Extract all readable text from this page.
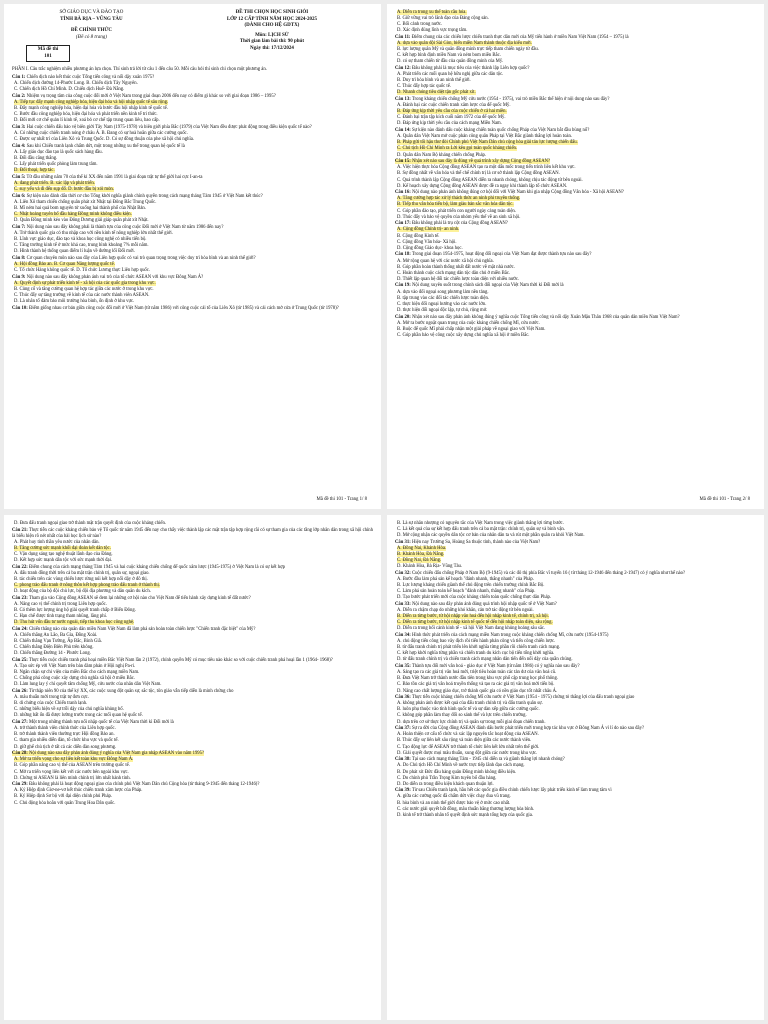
SỞ GIÁO DỤC VÀ ĐÀO TẠO

TỈNH BÀ RỊA – VŨNG TÀU

ĐỀ CHÍNH THỨC

(Đề có 8 trang)

Mã đề thi
101

ĐỀ THI CHỌN HỌC SINH GIỎI

LỚP 12 CẤP TỈNH NĂM HỌC 2024-2025

(DÀNH CHO HỆ GDTX)

Môn: LỊCH SỬ

Thời gian làm bài thi: 90 phút

Ngày thi: 17/12/2024

PHẦN I. Câu trắc nghiệm nhiều phương án lựa chọn. Thí sinh trả lời từ câu 1 đến câu 50. Mỗi câu hỏi thí sinh chỉ chọn một phương án.

Câu 1: Chiến dịch nào kết thúc cuộc Tổng tiến công và nổi dậy xuân 1975?

A. Chiến dịch đường 14-Phước Long. B. Chiến dịch Tây Nguyên.

C. Chiến dịch Hồ Chí Minh. D. Chiến dịch Huế- Đà Nẵng.

Câu 2: Nhiệm vụ trọng tâm của công cuộc đổi mới ở Việt Nam trong giai đoạn 2006 đến nay có điểm gì khác so với giai đoạn 1986 – 1995?

A. Tiếp tục đẩy mạnh công nghiệp hóa, hiện đại hóa và hội nhập quốc tế sâu rộng.

B. Đẩy mạnh công nghiệp hóa, hiện đại hóa và bước đầu hội nhập kinh tế quốc tế.

C. Bước đầu công nghiệp hóa, hiện đại hóa và phát triển nền kinh tế tri thức.

D. Đổi mới cơ chế quản lí kinh tế, xoá bỏ cơ chế tập trung quan liêu, bao cấp.

Câu 3: Hai cuộc chiến đấu bảo vệ biên giới Tây Nam (1975-1978) và biên giới phía Bắc (1979) của Việt Nam đều được phát động trong điều kiện quốc tế nào?

A. Có những cuộc chiến tranh nóng ở châu Á. B. Đang có sự hoà hoãn giữa các cường quốc.

C. Được sự nhất trí của Liên Xô và Trung Quốc. D. Có sự đồng thuận của phe xã hội chủ nghĩa.

Câu 4: Sau khi Chiến tranh lạnh chấm dứt, một trong những xu thế trong quan hệ quốc tế là

A. Lấy giáo dục đào tạo là quốc sách hàng đầu.

B. Đối đầu căng thẳng.

C. Lấy phát triển quốc phòng làm trung tâm.

D. Đối thoại, hợp tác.

Câu 5: Từ đầu những năm 70 của thế kỉ XX đến năm 1991 là giai đoạn trật tự thế giới hai cực I-an-ta

A. đang phát triển. B. xác lập và phát triển.

C. suy yếu và đi đến sụp đổ. D. bước đầu bị xói mòn.

Câu 6: Sự kiện nào đánh dấu thời cơ cho Tổng khởi nghĩa giành chính quyền trong cách mạng tháng Tám 1945 ở Việt Nam kết thúc?

A. Liên Xô tham chiến chống quân phát xít Nhật tại Đông Bắc Trung Quốc.

B. Mĩ ném hai quả bom nguyên tử xuống hai thành phố của Nhật Bản.

C. Nhật hoàng tuyên bố đầu hàng Đồng minh không điều kiện.

D. Quân Đồng minh kéo vào Đông Dương giải giáp quân phát xít Nhật.

Câu 7: Nội dung nào sau đây không phải là thành tựu của công cuộc Đổi mới ở Việt Nam từ năm 1986 đến nay?

A. Trở thành quốc gia có thu nhập cao với nền kinh tế nông nghiệp lớn nhất thế giới.

B. Lĩnh vực giáo dục, đào tạo và khoa học công nghệ có nhiều tiến bộ.

C. Tăng trưởng kinh tế ở mức khá cao, trung bình khoảng 7% mỗi năm.

D. Hình thành hệ thống quan điểm lí luận về đường lối Đổi mới.

Câu 8: Cơ quan chuyên môn nào sau đây của Liên hợp quốc có vai trò quan trọng trong việc duy trì hòa bình và an ninh thế giới?

A. Hội đồng Bảo an. B. Cơ quan Năng lượng quốc tế.

C. Tổ chức Hàng không quốc tế. D. Tổ chức Lương thực Liên hợp quốc.

Câu 9: Nội dung nào sau đây không phản ánh vai trò của tổ chức ASEAN với khu vực Đông Nam Á?

A. Quyết định sự phát triển kinh tế - xã hội của các quốc gia trong khu vực.

B. Củng cố và tăng cường quan hệ hợp tác giữa các nước ở trong khu vực.

C. Thúc đẩy sự tăng trưởng về kinh tế của các nước thành viên ASEAN.

D. Là nhân tố đảm bảo môi trường hòa bình, ổn định ở khu vực.

Câu 10: Điểm giống nhau cơ bản giữa công cuộc đổi mới ở Việt Nam (từ năm 1986) với công cuộc cải tổ của Liên Xô (từ 1985) và cải cách mở cửa ở Trung Quốc (từ 1978)?

Mã đề thi 101 - Trang 1/ 8

A. Diễn ra trong xu thế toàn cầu hóa.

B. Giữ vững vai trò lãnh đạo của Đảng cộng sản.

C. Bối cảnh trong nước.

D. Xác định đúng lĩnh vực trọng tâm.

Câu 11: Điểm chung của các chiến lược chiến tranh thực dân mới của Mỹ tiến hành ở miền Nam Việt Nam (1954 – 1975) là

A. dựa vào quân đội Sài Gòn, biến miền Nam thành thuộc địa kiểu mới.

B. lực lượng quân Mỹ và quân đồng minh trực tiếp tham chiến ngày từ đầu.

C. kết hợp bình định miền Nam và ném bom miền Bắc.

D. có sự tham chiến từ đầu của quân đồng minh của Mỹ.

Câu 12: Đâu không phải là mục tiêu của việc thành lập Liên hợp quốc?

A. Phát triển các mối quan hệ hữu nghị giữa các dân tộc.

B. Duy trì hòa bình và an ninh thế giới.

C. Thúc đẩy hợp tác quốc tế.

D. Nhanh chóng tiêu diệt tận gốc phát xít.

Câu 13: Trong kháng chiến chống Mỹ cứu nước (1954 - 1975), vai trò miền Bắc thể hiện ở nội dung nào sau đây?

A. Đánh bại các cuộc chiến tranh xâm lược của đế quốc Mỹ.

B. Đáp ứng kịp thời yêu cầu của cuộc chiến ở cả hai miền.

C. Đánh bại trận tập kích cuối năm 1972 của đế quốc Mỹ.

D. Đáp ứng kịp thời yêu cầu của cách mạng Miền Nam.

Câu 14: Sự kiện nào đánh dấu cuộc kháng chiến toàn quốc chống Pháp của Việt Nam bắt đầu bùng nổ?

A. Quân dân Việt Nam mở cuộc phản công quân Pháp tại Việt Bắc giành thắng lợi hoàn toàn.

B. Pháp gửi tối hậu thư đòi Chính phủ Việt Nam Dân chủ cộng hòa giải tán lực lượng chiến đấu.

C. Chủ tịch Hồ Chí Minh ra Lời kêu gọi toàn quốc kháng chiến.

D. Quân dân Nam Bộ kháng chiến chống Pháp.

Câu 15: Nhận xét nào sau đây là đúng về quá trình xây dựng Cộng đồng ASEAN?

A. Việc hiện thực hóa Cộng đồng ASEAN tạo ra một dấu mốc trong tiến trình liên kết khu vực.

B. Sự đồng nhất về văn hóa và thể chế chính trị là cơ sở thành lập Cộng đồng ASEAN.

C. Quá trình thành lập Cộng đồng ASEAN diễn ra nhanh chóng, không chịu tác động từ bên ngoài.

D. Kế hoạch xây dựng Cộng đồng ASEAN được đề ra ngay khi thành lập tổ chức ASEAN.

Câu 16: Nội dung nào phản ánh không đúng cơ hội đối với Việt Nam khi gia nhập Cộng đồng Văn hóa - Xã hội ASEAN?

A. Tăng cường hợp tác xử lý thách thức an ninh phi truyền thống.

B. Tiếp thu văn hóa tiến bộ, làm giàu bản sắc văn hóa dân tộc.

C. Góp phần đào tạo, phát triển con người ngày càng toàn diện.

D. Thúc đẩy và bảo vệ quyền của nhóm yếu thế về an sinh xã hội.

Câu 17: Đâu không phải là trụ cột của Cộng đồng ASEAN?

A. Cộng đồng Chính trị- an ninh.

B. Cộng đồng Kinh tế.

C. Cộng đồng Văn hóa- Xã hội.

D. Cộng đồng Giáo dục- khoa học.

Câu 18: Trong giai đoạn 1954-1975, hoạt động đối ngoại của Việt Nam đạt được thành tựu nào sau đây?

A. Mở rộng quan hệ với các nước xã hội chủ nghĩa.

B. Góp phần hoàn thành thống nhất đất nước về mặt nhà nước.

C. Hoàn thành cuộc cách mạng dân tộc dân chủ ở miền Bắc.

D. Thiết lập quan hệ đối tác chiến lược toàn diện với nhiều nước.

Câu 19: Nội dung xuyên suốt trong chính sách đối ngoại của Việt Nam thời kì Đổi mới là

A. dựa vào đối ngoại song phương làm nền tảng.

B. tập trung vào các đối tác chiến lược toàn diện.

C. thực hiện đối ngoại hướng vào các nước lớn.

D. thực hiện đối ngoại độc lập, tự chủ, rộng mở.

Câu 20: Nhận xét nào sau đây phản ánh không đúng ý nghĩa cuộc Tổng tiến công và nổi dậy Xuân Mậu Thân 1968 của quân dân miền Nam Việt Nam?

A. Mở ra bước ngoặt quan trọng của cuộc kháng chiến chống Mĩ, cứu nước.

B. Buộc đế quốc Mĩ phải chấp nhận một giải pháp về ngoại giao với Việt Nam.

C. Góp phần bảo vệ công cuộc xây dựng chủ nghĩa xã hội ở miền Bắc.

Mã đề thi 101 - Trang 2/ 8

D. Đưa đấu tranh ngoại giao trở thành mặt trận quyết định của cuộc kháng chiến.

Câu 21: Thực tiễn các cuộc kháng chiến bảo vệ Tổ quốc từ năm 1945 đến nay cho thấy việc thành lập các mặt trận tập hợp rộng rãi có sự tham gia của các tầng lớp nhân dân trong xã hội chính là biểu hiện rõ nét nhất của bài học lịch sử nào?

A. Phát huy tinh thần yêu nước của nhân dân.

B. Tăng cường sức mạnh khối đại đoàn kết dân tộc.

C. Vận dụng sáng tạo nghệ thuật lãnh đạo của Đảng.

D. Kết hợp sức mạnh dân tộc với sức mạnh thời đại.

Câu 22: Điểm chung của cách mạng tháng Tám 1945 và hai cuộc kháng chiến chống đế quốc xâm lược (1945-1975) ở Việt Nam là có sự kết hợp

A. đấu tranh đồng thời trên cả ba mặt trận chính trị, quân sự, ngoại giao.

B. tác chiến trên các vùng chiến lược rừng núi kết hợp nổi dậy ở đô thị.

C. phong trào đấu tranh ở nông thôn kết hợp phong trào đấu tranh ở thành thị.

D. hoạt động của bộ đội chủ lực, bộ đội địa phương và dân quân du kích.

Câu 23: Tham gia vào Cộng đồng ASEAN sẽ đem lại những cơ hội nào cho Việt Nam để tiến hành xây dựng kinh tế đất nước?

A. Nâng cao vị thế chính trị trong Liên hợp quốc.

B. Có thêm lực lượng ủng hộ giải quyết tranh chấp ở Biển Đông.

C. Hạn chế được tình trạng tham nhũng, lãng phí.

D. Thu hút vốn đầu tư nước ngoài, tiếp thu khoa học công nghệ.

Câu 24: Chiến thắng nào của quân dân miền Nam Việt Nam đã làm phá sản hoàn toàn chiến lược "Chiến tranh đặc biệt" của Mỹ?

A. Chiến thắng An Lão, Ba Gia, Đồng Xoài.

B. Chiến thắng Vạn Tường, Ấp Bắc, Bình Giã.

C. Chiến thắng Điện Biên Phủ trên không.

D. Chiến thắng Đường 14 - Phước Long.

Câu 25: Thực tiễn cuộc chiến tranh phá hoại miền Bắc Việt Nam lần 2 (1972), chính quyền Mỹ có mục tiêu nào khác so với cuộc chiến tranh phá hoại lần 1 (1964- 1968)?

A. Tạo sức ép với Việt Nam trên bàn đàm phán ở Hội nghị Pa-ri.

B. Ngăn chặn sự chi viện của miền Bắc cho cách mạng miền Nam.

C. Chống phá công cuộc xây dựng chủ nghĩa xã hội ở miền Bắc.

D. Làm lung lay ý chí quyết tâm chống Mỹ, cứu nước của nhân dân Việt Nam.

Câu 26: Từ thập niên 90 của thế kỷ XX, các cuộc xung đột quân sự, sắc tộc, tôn giáo vẫn tiếp diễn là minh chứng cho

A. mâu thuẫn mới trong trật tự đơn cực.

B. di chứng của cuộc Chiến tranh lạnh.

C. những biểu hiện về sự trỗi dậy của chủ nghĩa khủng bố.

D. những bất ổn đã được lường trước trong các mối quan hệ quốc tế.

Câu 27: Một trong những thành tựu nổi nhập quốc tế của Việt Nam thời kì Đổi mới là

A. trở thành thành viên chính thức của Liên hợp quốc.

B. trở thành thành viên thường trực Hội đồng Bảo an.

C. tham gia nhiều diễn đàn, tổ chức khu vực và quốc tế.

D. giữ ghế chủ tịch ở tất cả các diễn đàn song phương.

Câu 28: Nội dung nào sau đây phản ánh đúng ý nghĩa của Việt Nam gia nhập ASEAN vào năm 1995?

A. Mở ra triển vọng cho sự liên kết toàn khu vực Đông Nam Á.

B. Góp phần nâng cao vị thế của ASEAN trên trường quốc tế.

C. Mở ra triển vọng liên kết với các nước bên ngoài khu vực.

D. Chứng tỏ ASEAN là liên minh chính trị lớn nhất hành tinh.

Câu 29: Đâu không phải là hoạt động ngoại giao của chính phủ Việt Nam Dân chủ Cộng hòa (từ tháng 9-1945 đến tháng 12-1946)?

A. Ký Hiệp định Giơ-ne-vơ kết thúc chiến tranh xâm lược của Pháp.

B. Ký Hiệp định Sơ bộ với đại diện chính phủ Pháp.

C. Chủ động hòa hoãn với quân Trung Hoa Dân quốc.

B. Là sự nhân nhượng có nguyên tắc của Việt Nam trong việc giành thắng lợi từng bước.

C. Là kết quả của sự kết hợp đấu tranh trên cả ba mặt trận: chính trị, quân sự và binh vận.

D. Mở cộng nhận các quyền dân tộc cơ bản của nhân dân ta và rút một phần quân ra khỏi Việt Nam.

Câu 31: Hiện nay Trường Sa, Hoàng Sa thuộc tỉnh, thành nào của Việt Nam?

A. Đồng Nai, Khánh Hòa.

B. Khánh Hòa, Đà Nẵng.

C. Đồng Nai, Đà Nẵng.

D. Khánh Hòa, Bà Rịa- Vũng Tàu.

Câu 32: Cuộc chiến đấu chống Pháp ở Nam Bộ (9-1945) và các đô thị phía Bắc vĩ tuyến 16 ( từ tháng 12-1946 đến tháng 2-1947) có ý nghĩa như thế nào?

A. Bước đầu làm phá sản kế hoạch "đánh nhanh, thắng nhanh" của Pháp.

B. Lực lượng kháng chiến giành thế chủ động trên chiến trường chính Bắc Bộ.

C. Làm phá sản hoàn toàn kế hoạch "đánh nhanh, thắng nhanh" của Pháp.

D. Tạo bước phát triển mới của cuộc kháng chiến toàn quốc chống thực dân Pháp.

Câu 33: Nội dung nào sau đây phản ánh đúng quá trình hội nhập quốc tế ở Việt Nam?

A. Diễn ra chậm chạp do những khó khăn, cản trở tác động từ bên ngoài.

B. Diễn ra từng bước, từ hội nhập văn hoá đến hội nhập kinh tế, chính trị, xã hội.

C. Diễn ra từng bước, từ hội nhập kinh tế quốc tế đến hội nhập toàn diện, sâu rộng.

D. Diễn ra trong bối cảnh kinh tế - xã hội Việt Nam đang khủng hoảng sâu sắc.

Câu 34: Hình thức phát triển của cách mạng miền Nam trong cuộc kháng chiến chống Mĩ, cứu nước (1954-1975)

A. chủ động tiến công bao vây địch rồi tiến hành phản công và tiến công chiến lược.

B. từ đấu tranh chính trị phát triển lên khởi nghĩa từng phần rồi chiến tranh cách mạng.

C. kết hợp khởi nghĩa từng phần và chiến tranh du kích cục bộ tiến tổng khởi nghĩa.

D. từ đấu tranh chính trị và chiến tranh cách mạng nhân dân tiến đến nổi dậy của quần chúng.

Câu 35: Thành tựu đối mới văn hoá - giáo dục ở Việt Nam (từ năm 1986) có ý nghĩa nào sau đây?

A. Sáng tạo ra các giá trị văn hoá mới, triệt tiêu hoàn toàn các tàn dư của văn hoá cũ.

B. Đưa Việt Nam trở thành nước đầu tiên trong khu vực phổ cập trung học phổ thông.

C. Bảo tồn các giá trị văn hoá truyền thống và tạo ra các giá trị văn hoá mới tiến bộ.

D. Nâng cao chất lượng giáo dục, trở thành quốc gia có nền giáo dục tốt nhất châu Á.

Câu 36: Thực tiễn cuộc kháng chiến chống Mĩ cứu nước ở Việt Nam (1954 - 1975) chứng tỏ thắng lợi của đấu tranh ngoại giao

A. không phản ánh được kết quả của đấu tranh chính trị và đấu tranh quân sự.

B. luôn phụ thuộc vào tình hình quốc tế và sự dàn xếp giữa các cường quốc.

C. không góp phần làm thay đổi so sánh thế và lực trên chiến trường.

D. dựa trên cơ sở thực lực chính trị và quân sự trong mỗi giai đoạn chiến tranh.

Câu 37: Sự ra đời của Cộng đồng ASEAN đánh dấu bước phát triển mới trong hợp tác khu vực ở Đông Nam Á vì lí do nào sau đây?

A. Hoàn thiện cơ cấu tổ chức và xác lập nguyên tắc hoạt động của ASEAN.

B. Thúc đẩy sự liên kết sâu rộng và toàn diện giữa các nước thành viên.

C. Tạo động lực để ASEAN trở thành tổ chức liên kết lớn nhất trên thế giới.

D. Giải quyết được mọi mâu thuẫn, xung đột giữa các nước trong khu vực.

Câu 38: Tại sao cách mạng tháng Tám - 1945 chỉ diễn ra và giành thắng lợi nhanh chóng?

A. Do Chủ tịch Hồ Chí Minh về nước trực tiếp lãnh đạo cách mạng.

B. Do phát xít Đức đầu hàng quân Đồng minh không điều kiện.

C. Do chính phủ Trần Trọng Kim tuyên bố đầu hàng.

D. Do diễn ra trong điều kiện khách quan thuận lợi.

Câu 39: Từ sau Chiến tranh lạnh, hầu hết các quốc gia điều chỉnh chiến lược lấy phát triển kinh tế làm trung tâm vì

A. giữa các cường quốc đã chấm dứt việc chạy đua vũ trang.

B. hòa bình và an ninh thế giới được bảo vệ ở mức cao nhất.

C. các nước giải quyết bất đồng, mâu thuẫn bằng thương lượng hòa bình.

D. kinh tế trở thành nhân tố quyết định sức mạnh tổng hợp của quốc gia.
